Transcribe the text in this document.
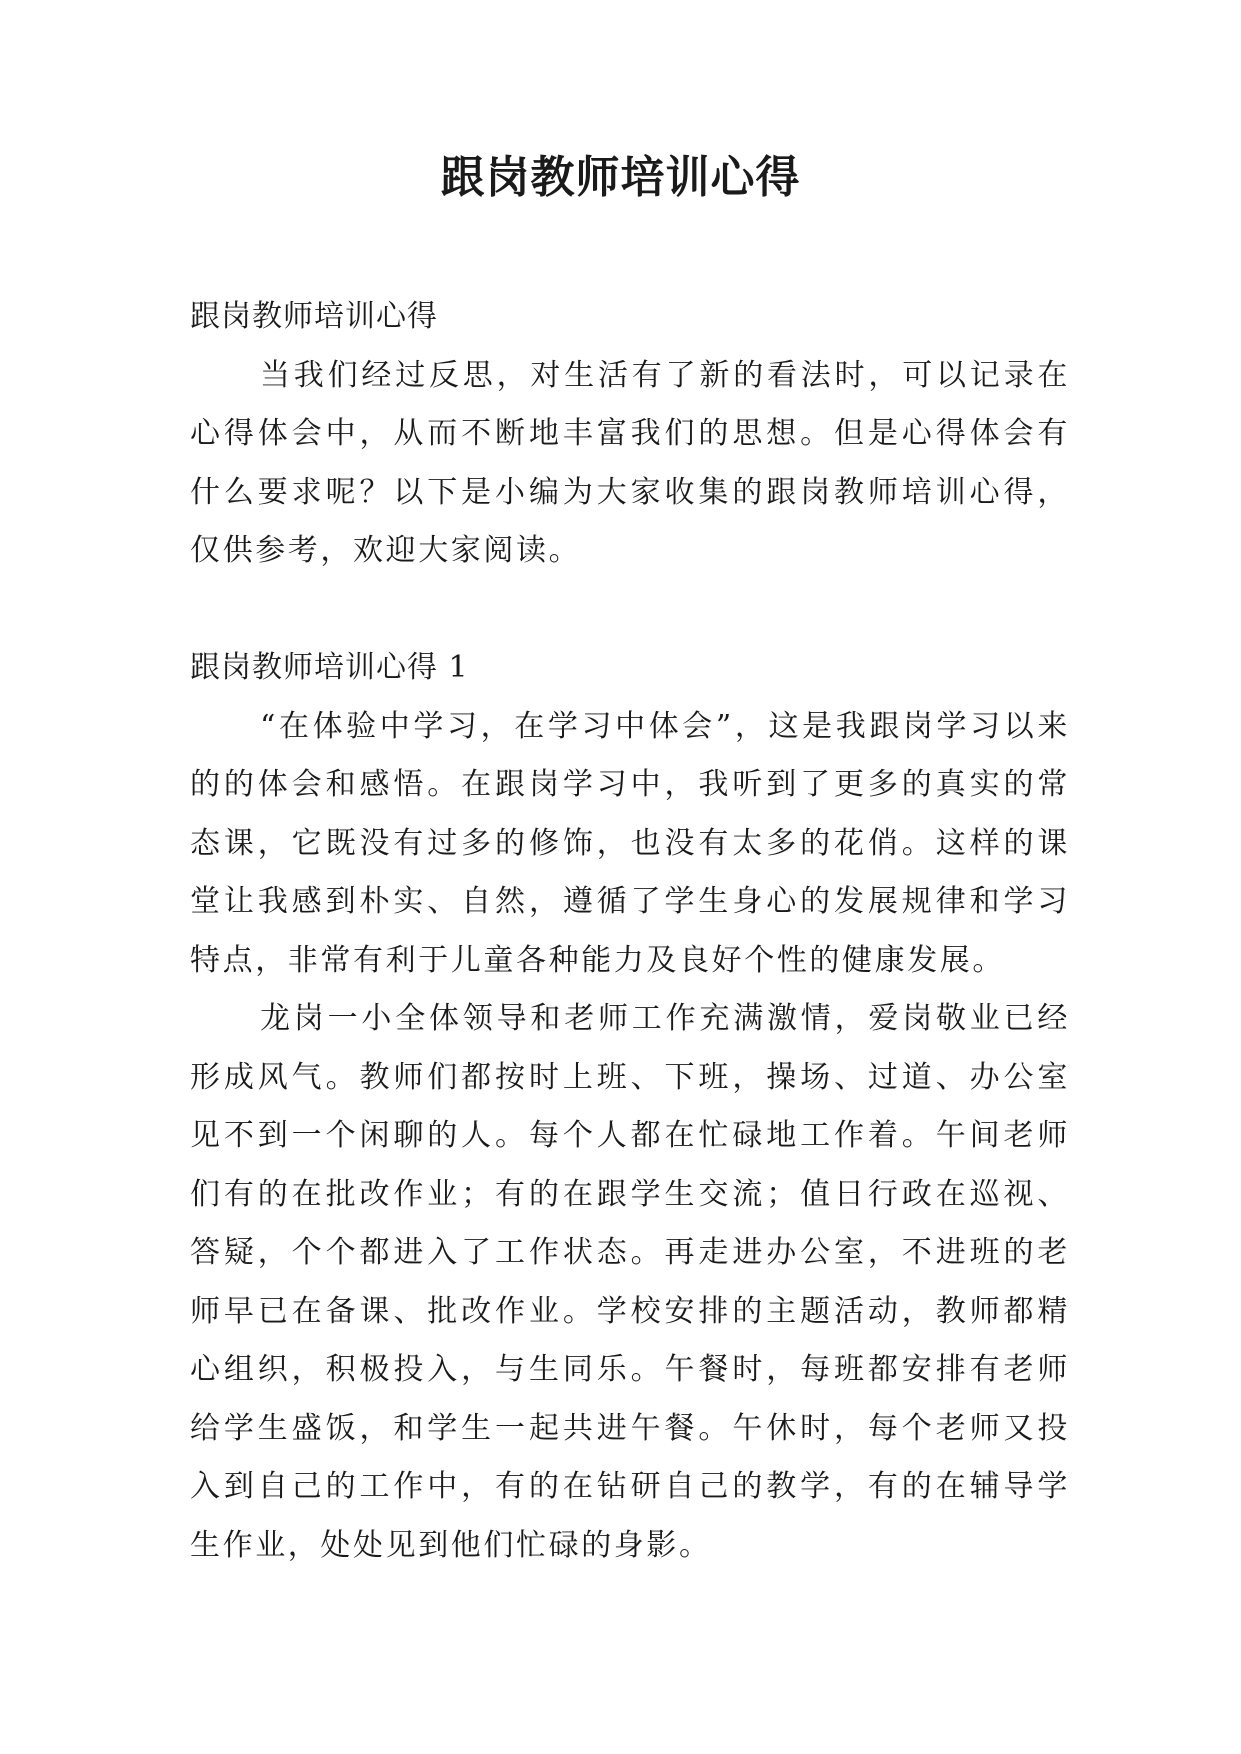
跟岗教师培训心得

跟岗教师培训心得

当我们经过反思，对生活有了新的看法时，可以记录在心得体会中，从而不断地丰富我们的思想。但是心得体会有什么要求呢？以下是小编为大家收集的跟岗教师培训心得，仅供参考，欢迎大家阅读。

跟岗教师培训心得 1

“在体验中学习，在学习中体会”，这是我跟岗学习以来的的体会和感悟。在跟岗学习中，我听到了更多的真实的常态课，它既没有过多的修饰，也没有太多的花俏。这样的课堂让我感到朴实、自然，遵循了学生身心的发展规律和学习特点，非常有利于儿童各种能力及良好个性的健康发展。

龙岗一小全体领导和老师工作充满激情，爱岗敬业已经形成风气。教师们都按时上班、下班，操场、过道、办公室见不到一个闲聊的人。每个人都在忙碌地工作着。午间老师们有的在批改作业；有的在跟学生交流；值日行政在巡视、答疑，个个都进入了工作状态。再走进办公室，不进班的老师早已在备课、批改作业。学校安排的主题活动，教师都精心组织，积极投入，与生同乐。午餐时，每班都安排有老师给学生盛饭，和学生一起共进午餐。午休时，每个老师又投入到自己的工作中，有的在钻研自己的教学，有的在辅导学生作业，处处见到他们忙碌的身影。
